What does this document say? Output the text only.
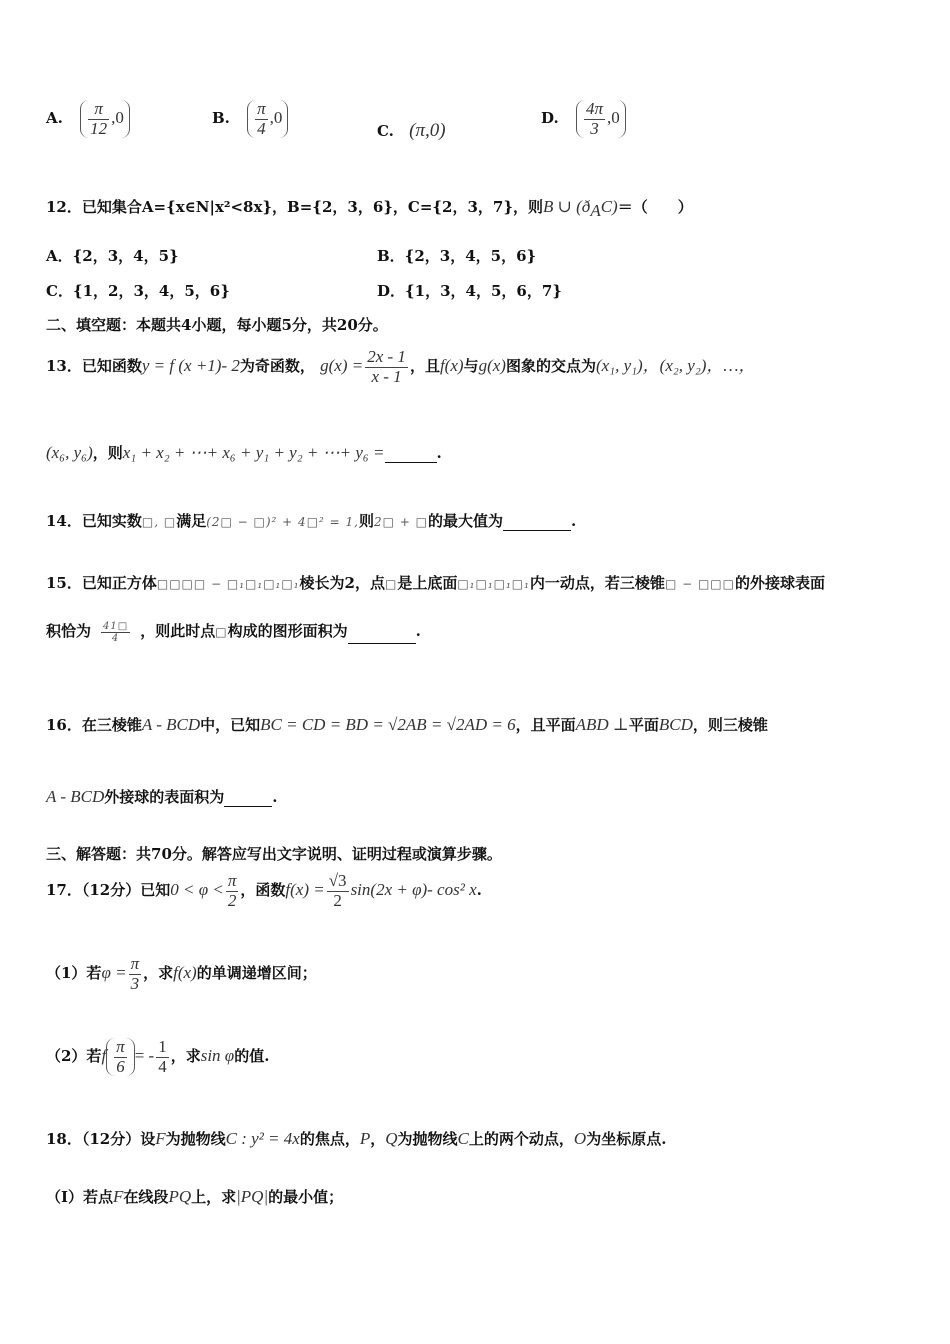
A. $\frac{\pi}{12} ,0$	B. $\frac{\pi}{4} ,0$
C. (π,0)
D. $\frac{4\pi}{3} ,0$
12．已知集合A={x∈N|x²<8x}，B={2，3，6}，C={2，3，7}，则B ∪ $(ð_AC)=$（　　）
A．{2，3，4，5}	B．{2，3，4，5，6}
C．{1，2，3，4，5，6}	D．{1，3，4，5，6，7}
二、填空题：本题共4小题，每小题5分，共20分。
13．已知函数y = f (x +1)- 2为奇函数， $g(x) = \frac{2x - 1}{x - 1}$ ，且f(x)与g(x)图象的交点为(x₁, y₁)，(x₂, y₂)，…，
(x₆, y₆)，则x₁ + x₂ + ⋯+ x₆ + y₁ + y₂ + ⋯+ y₆ =	.
14．已知实数□, □满足(2□ − □)² + 4□² = 1,则2□ + □的最大值为	.
15．已知正方体□□□□ − □₁□₁□₁□₁棱长为2，点□是上底面□₁□₁□₁□₁内一动点，若三棱锥□ − □□□的外接球表面
积恰为 $\frac{41□}{4}$ ，则此时点□构成的图形面积为	.
16．在三棱锥A - BCD中，已知BC = CD = BD = √2AB = √2AD = 6，且平面ABD ⊥平面BCD，则三棱锥
A - BCD外接球的表面积为	.
三、解答题：共70分。解答应写出文字说明、证明过程或演算步骤。
17．（12分）已知$0 < \varphi < \frac{\pi}{2}$ ，函数$f(x) = \frac{√3}{2} \sin(2x + \varphi)-$ cos² x.
（1）若$\varphi = \frac{\pi}{3}$ ，求f(x)的单调递增区间；
（2）若f $\frac{\pi}{6}$ = - $\frac{1}{4}$ ，求sin φ的值.
18．（12分）设F为抛物线C : y² = 4x的焦点，P，Q为抛物线C上的两个动点，O为坐标原点.
（Ⅰ）若点F在线段PQ上，求|PQ|的最小值；
